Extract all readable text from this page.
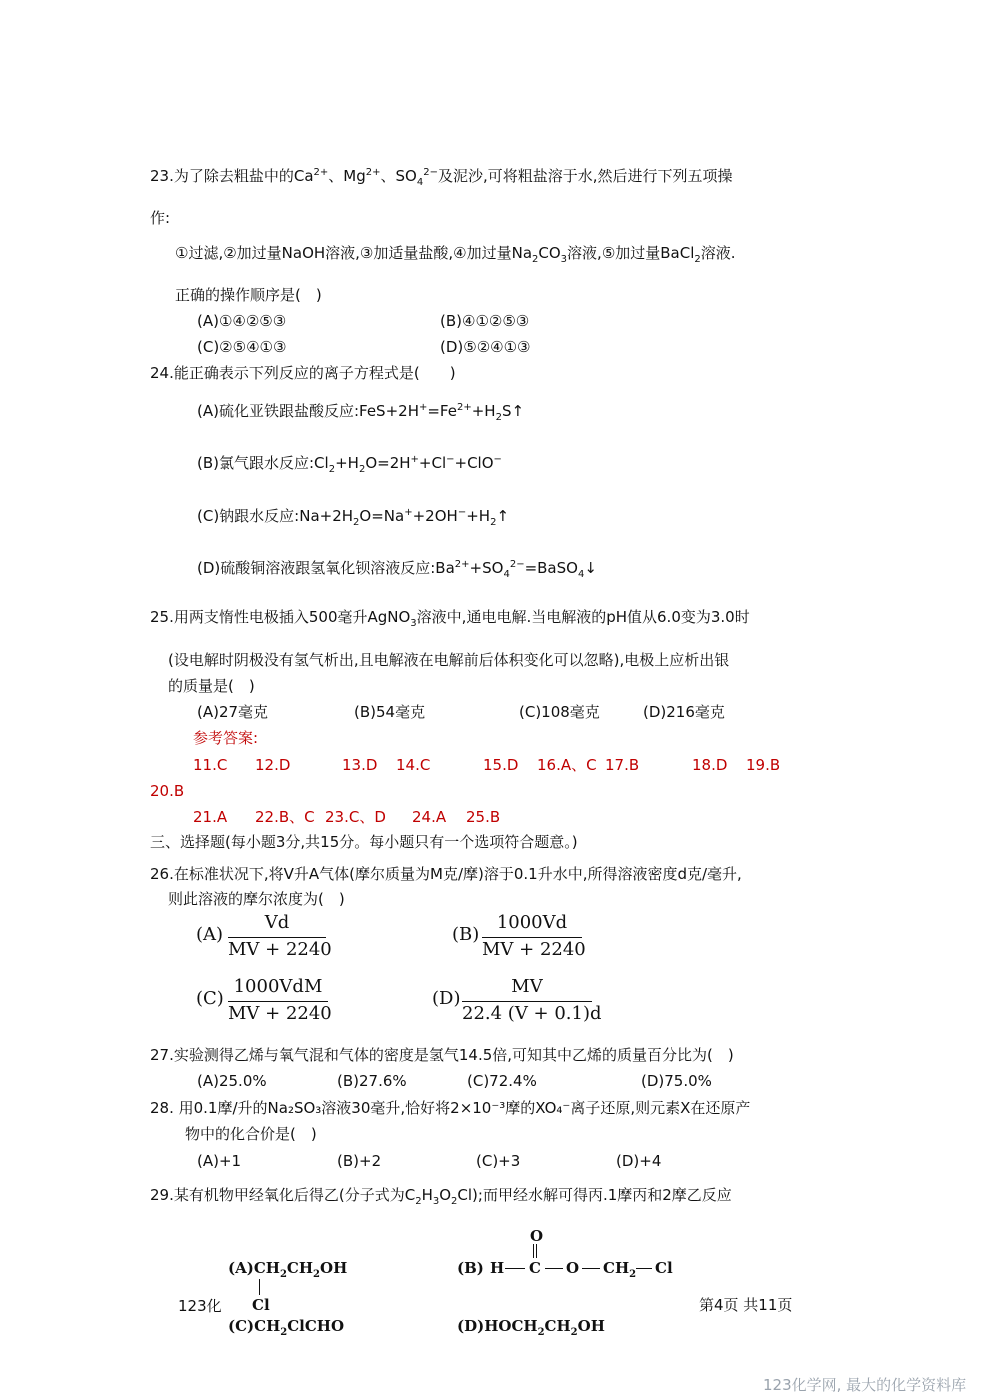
23.为了除去粗盐中的$Ca^{2+}$、$Mg^{2+}$、$SO_4^{2-}$及泥沙,可将粗盐溶于水,然后进行下列五项操
作:
①过滤,②加过量NaOH溶液,③加适量盐酸,④加过量$Na_2CO_3$溶液,⑤加过量BaCl$_2$溶液.
正确的操作顺序是(　)
(A)①④②⑤③	(B)④①②⑤③
(C)②⑤④①③	(D)⑤②④①③
24.能正确表示下列反应的离子方程式是(　　)
(A)硫化亚铁跟盐酸反应$:FeS+2H^+=Fe^{2+}+H_2S↑$
(B)氯气跟水反应$:Cl_2+H_2O=2H^++Cl^-+ClO^-$
(C)钠跟水反应$:Na+2H_2O=Na^++2OH^-+H_2↑$
(D)硫酸铜溶液跟氢氧化钡溶液反应$:Ba^{2+}+SO_4^{2-}=BaSO_4↓$
25.用两支惰性电极插入500毫升AgNO$_3$溶液中,通电电解.当电解液的pH值从6.0变为3.0时
(设电解时阴极没有氢气析出,且电解液在电解前后体积变化可以忽略),电极上应析出银
的质量是(　)
(A)27毫克	(B)54毫克	(C)108毫克	(D)216毫克
参考答案:
11.C 12.D	13.D 14.C	15.D 16.A、C 17.B	18.D 19.B
20.B
21.A 22.B、C 23.C、D 24.A 25.B
三、选择题(每小题3分,共15分。每小题只有一个选项符合题意。)
26.在标准状况下,将V升A气体(摩尔质量为M克/摩)溶于0.1升水中,所得溶液密度d克/毫升,
则此溶液的摩尔浓度为(　)
(A)
Vd
MV + 2240
(B)
1000Vd
MV + 2240
(C)
1000VdM
MV + 2240
(D)
MV
22.4 (V + 0.1)d
27.实验测得乙烯与氧气混和气体的密度是氢气14.5倍,可知其中乙烯的质量百分比为(　)
(A)25.0%	(B)27.6%	(C)72.4%	(D)75.0%
28. 用0.1摩/升的Na₂SO₃溶液30毫升,恰好将2×10⁻³摩的XO₄⁻离子还原,则元素X在还原产
物中的化合价是(　)
(A)+1	(B)+2	(C)+3	(D)+4
29.某有机物甲经氧化后得乙(分子式为$C_2H_3O_2Cl$);而甲经水解可得丙.1摩丙和2摩乙反应
$(A)CH_2CH_2OH$
Cl
(B)
O
H C O $CH_2$ Cl
123化	第4页 共11页
$(C)CH_2ClCHO$	$(D)HOCH_2CH_2OH$
123化学网, 最大的化学资料库
